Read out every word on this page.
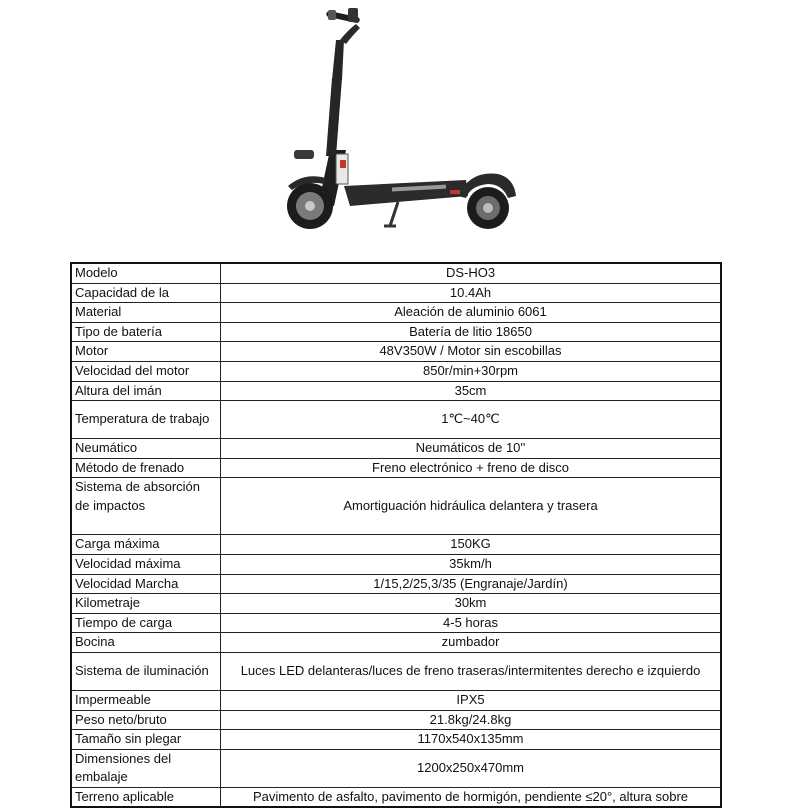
Modelo	DS-HO3
Capacidad de la	10.4Ah
Material	Aleación de aluminio 6061
Tipo de batería	Batería de litio 18650
Motor	48V350W / Motor sin escobillas
Velocidad del motor	850r/min+30rpm
Altura del imán	35cm
Temperatura de trabajo	1℃~40℃
Neumático	Neumáticos de 10''
Método de frenado	Freno electrónico + freno de disco
Sistema de absorción de impactos	Amortiguación hidráulica delantera y trasera
Carga máxima	150KG
Velocidad máxima	35km/h
Velocidad Marcha	1/15,2/25,3/35 (Engranaje/Jardín)
Kilometraje	30km
Tiempo de carga	4-5 horas
Bocina	zumbador
Sistema de iluminación	Luces LED delanteras/luces de freno traseras/intermitentes derecho e izquierdo
Impermeable	IPX5
Peso neto/bruto	21.8kg/24.8kg
Tamaño sin plegar	1170x540x135mm
Dimensiones del embalaje	1200x250x470mm
Terreno aplicable	Pavimento de asfalto, pavimento de hormigón, pendiente ≤20°, altura sobre
